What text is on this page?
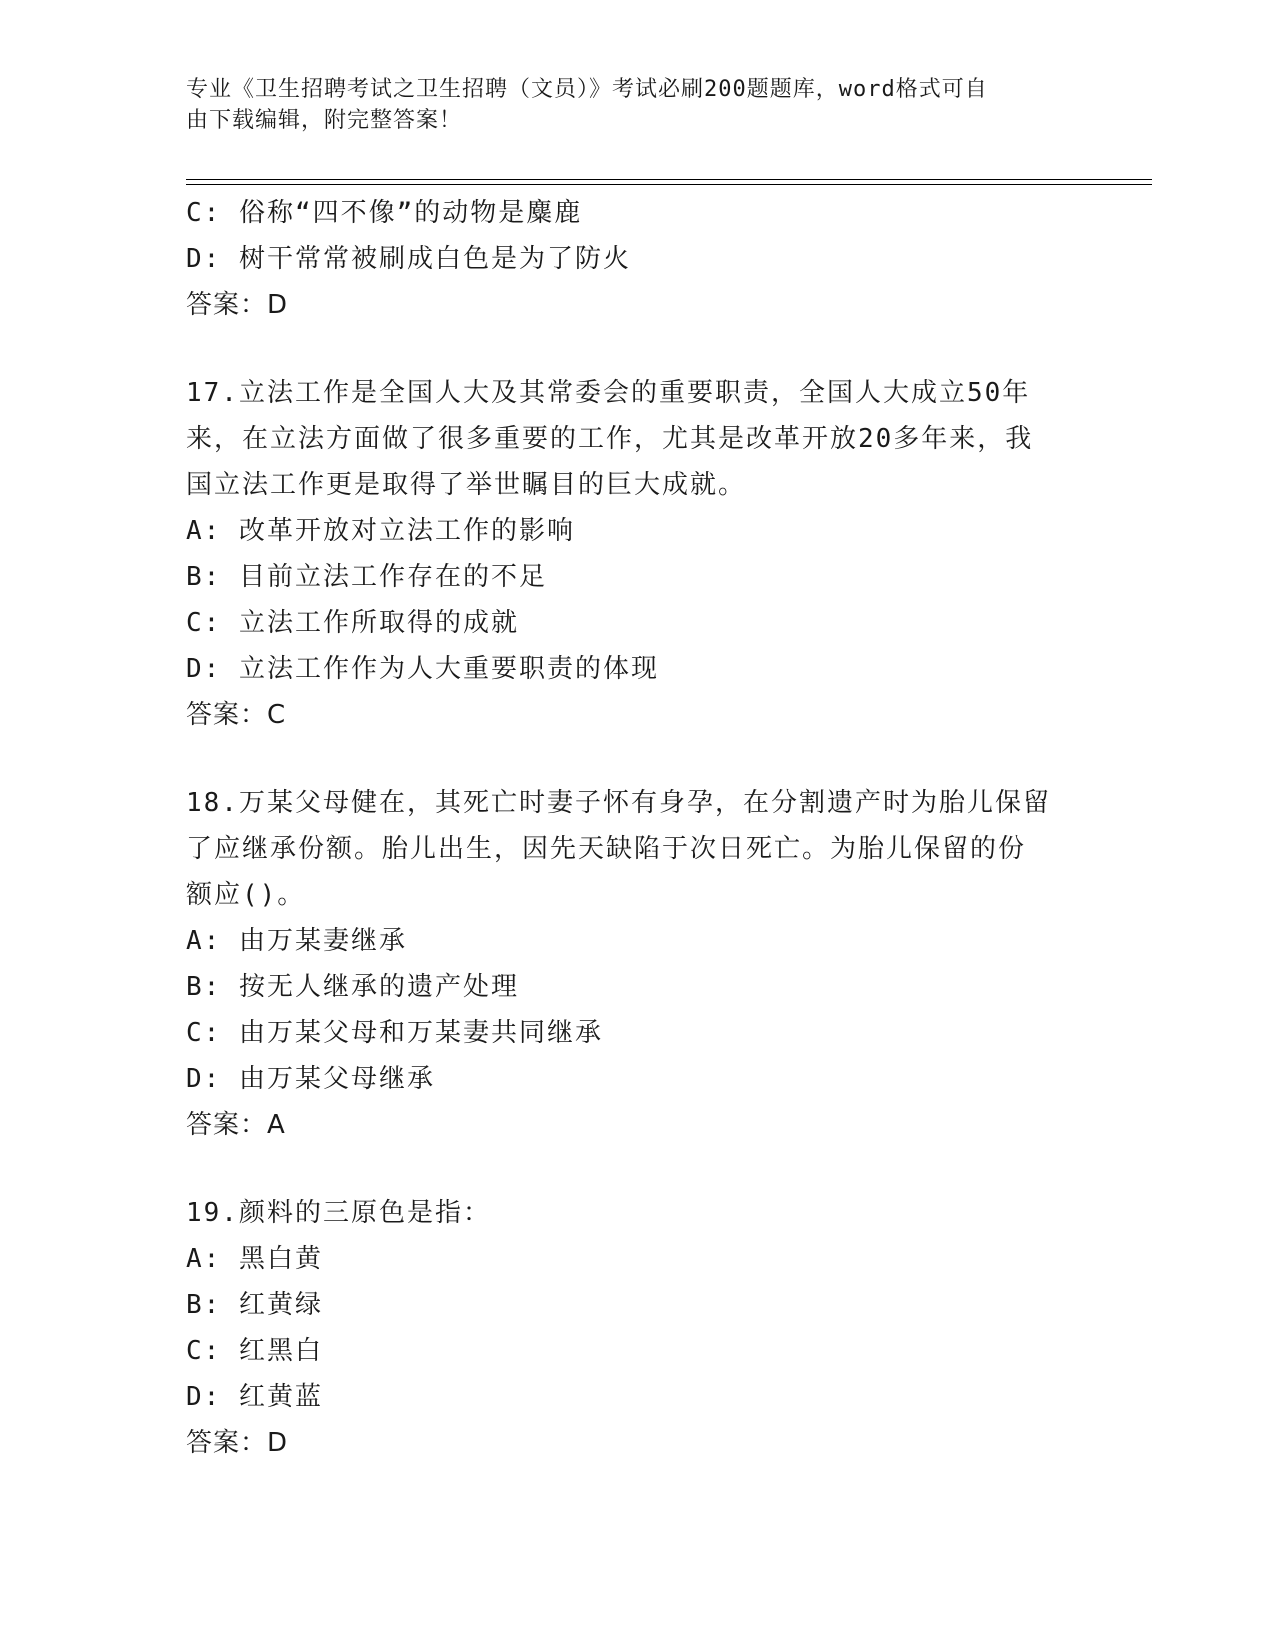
专业《卫生招聘考试之卫生招聘（文员）》考试必刷200题题库，word格式可自
由下载编辑，附完整答案！
C: 俗称“四不像”的动物是麋鹿
D: 树干常常被刷成白色是为了防火
答案：D
17.立法工作是全国人大及其常委会的重要职责，全国人大成立50年
来，在立法方面做了很多重要的工作，尤其是改革开放20多年来，我
国立法工作更是取得了举世瞩目的巨大成就。
A: 改革开放对立法工作的影响
B: 目前立法工作存在的不足
C: 立法工作所取得的成就
D: 立法工作作为人大重要职责的体现
答案：C
18.万某父母健在，其死亡时妻子怀有身孕，在分割遗产时为胎儿保留
了应继承份额。胎儿出生，因先天缺陷于次日死亡。为胎儿保留的份
额应()。
A: 由万某妻继承
B: 按无人继承的遗产处理
C: 由万某父母和万某妻共同继承
D: 由万某父母继承
答案：A
19.颜料的三原色是指：
A: 黑白黄
B: 红黄绿
C: 红黑白
D: 红黄蓝
答案：D
